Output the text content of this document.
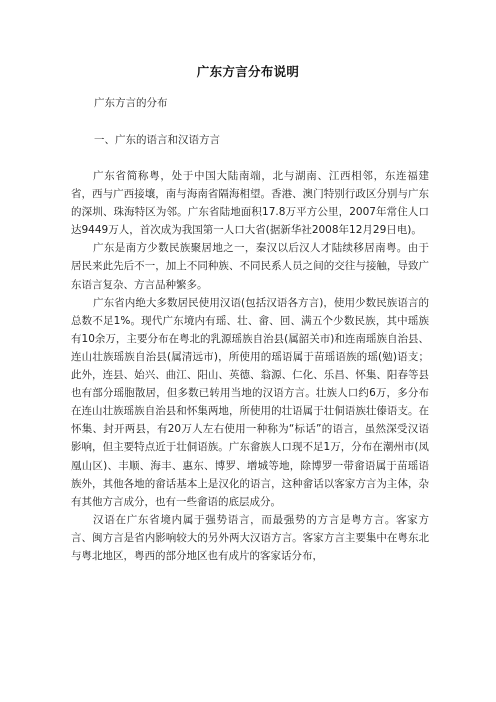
广东方言分布说明
广东方言的分布
一、广东的语言和汉语方言

广东省简称粤，处于中国大陆南端，北与湖南、江西相邻，东连福建省，西与广西接壤，南与海南省隔海相望。香港、澳门特别行政区分别与广东的深圳、珠海特区为邻。广东省陆地面积17.8万平方公里，2007年常住人口达9449万人，首次成为我国第一人口大省(据新华社2008年12月29日电)。

广东是南方少数民族聚居地之一，秦汉以后汉人才陆续移居南粤。由于居民来此先后不一，加上不同种族、不同民系人员之间的交往与接触，导致广东语言复杂、方言品种繁多。

广东省内绝大多数居民使用汉语(包括汉语各方言)，使用少数民族语言的总数不足1%。现代广东境内有瑶、壮、畲、回、满五个少数民族，其中瑶族有10余万，主要分布在粤北的乳源瑶族自治县(属韶关市)和连南瑶族自治县、连山壮族瑶族自治县(属清远市)，所使用的瑶语属于苗瑶语族的瑶(勉)语支；此外，连县、始兴、曲江、阳山、英德、翁源、仁化、乐昌、怀集、阳春等县也有部分瑶胞散居，但多数已转用当地的汉语方言。壮族人口约6万，多分布在连山壮族瑶族自治县和怀集两地，所使用的壮语属于壮侗语族壮傣语支。在怀集、封开两县，有20万人左右使用一种称为“标话”的语言，虽然深受汉语影响，但主要特点近于壮侗语族。广东畲族人口现不足1万，分布在潮州市(凤凰山区)、丰顺、海丰、惠东、博罗、增城等地，除博罗一带畲语属于苗瑶语族外，其他各地的畲话基本上是汉化的语言，这种畲话以客家方言为主体，杂有其他方言成分，也有一些畲语的底层成分。

汉语在广东省境内属于强势语言，而最强势的方言是粤方言。客家方言、闽方言是省内影响较大的另外两大汉语方言。客家方言主要集中在粤东北与粤北地区，粤西的部分地区也有成片的客家话分布，
